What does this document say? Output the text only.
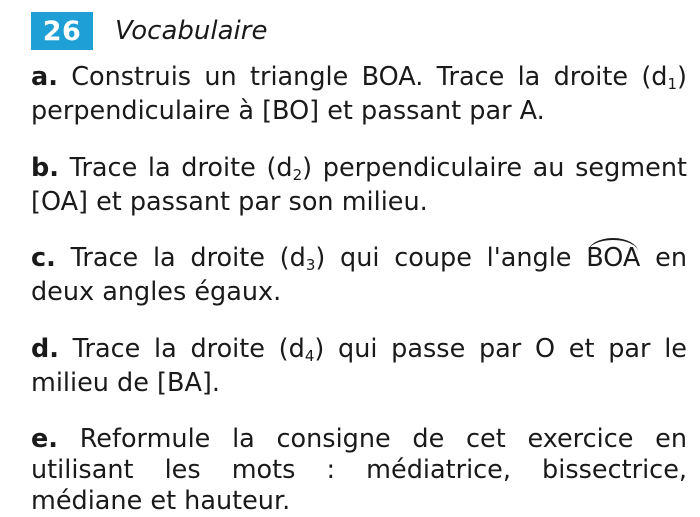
26	Vocabulaire

a. Construis un triangle BOA. Trace la droite $(d_1)$ perpendiculaire à [BO] et passant par A.

b. Trace la droite $(d_2)$ perpendiculaire au segment [OA] et passant par son milieu.

c. Trace la droite $(d_3)$ qui coupe l'angle BOA en deux angles égaux.

d. Trace la droite $(d_4)$ qui passe par O et par le milieu de [BA].

e. Reformule la consigne de cet exercice en utilisant les mots : médiatrice, bissectrice, médiane et hauteur.
